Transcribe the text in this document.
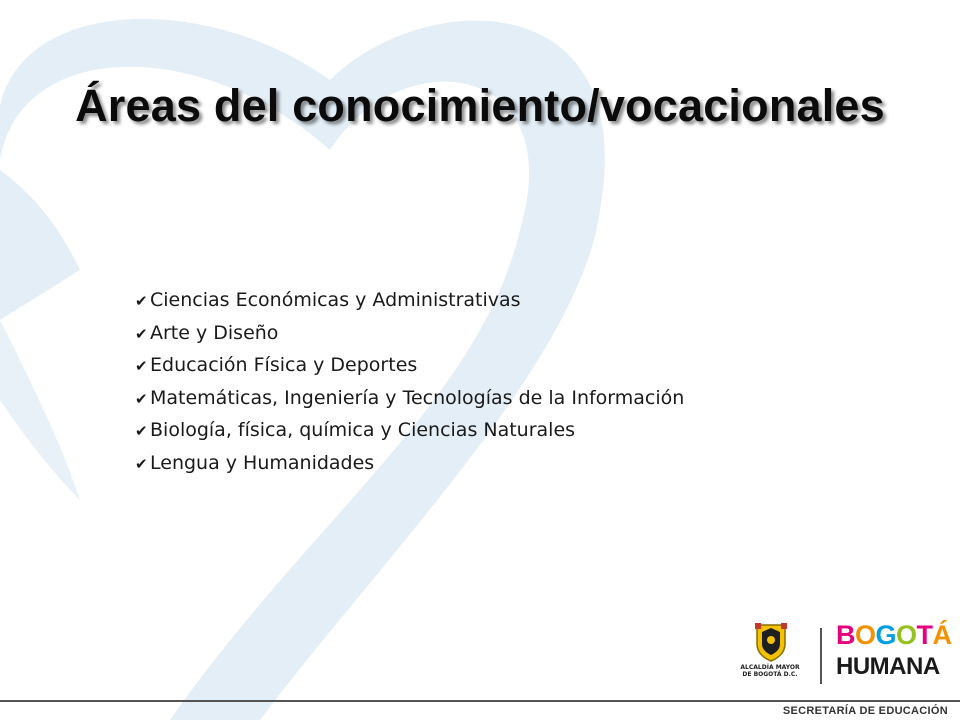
Áreas del conocimiento/vocacionales
✔ Ciencias Económicas y Administrativas
✔ Arte y Diseño
✔ Educación Física y Deportes
✔ Matemáticas, Ingeniería y Tecnologías de la Información
✔ Biología, física, química y Ciencias Naturales
✔ Lengua y Humanidades
ALCALDÍA MAYOR
DE BOGOTÁ D.C.
BOGOTÁ
HUMANA
SECRETARÍA DE EDUCACIÓN
